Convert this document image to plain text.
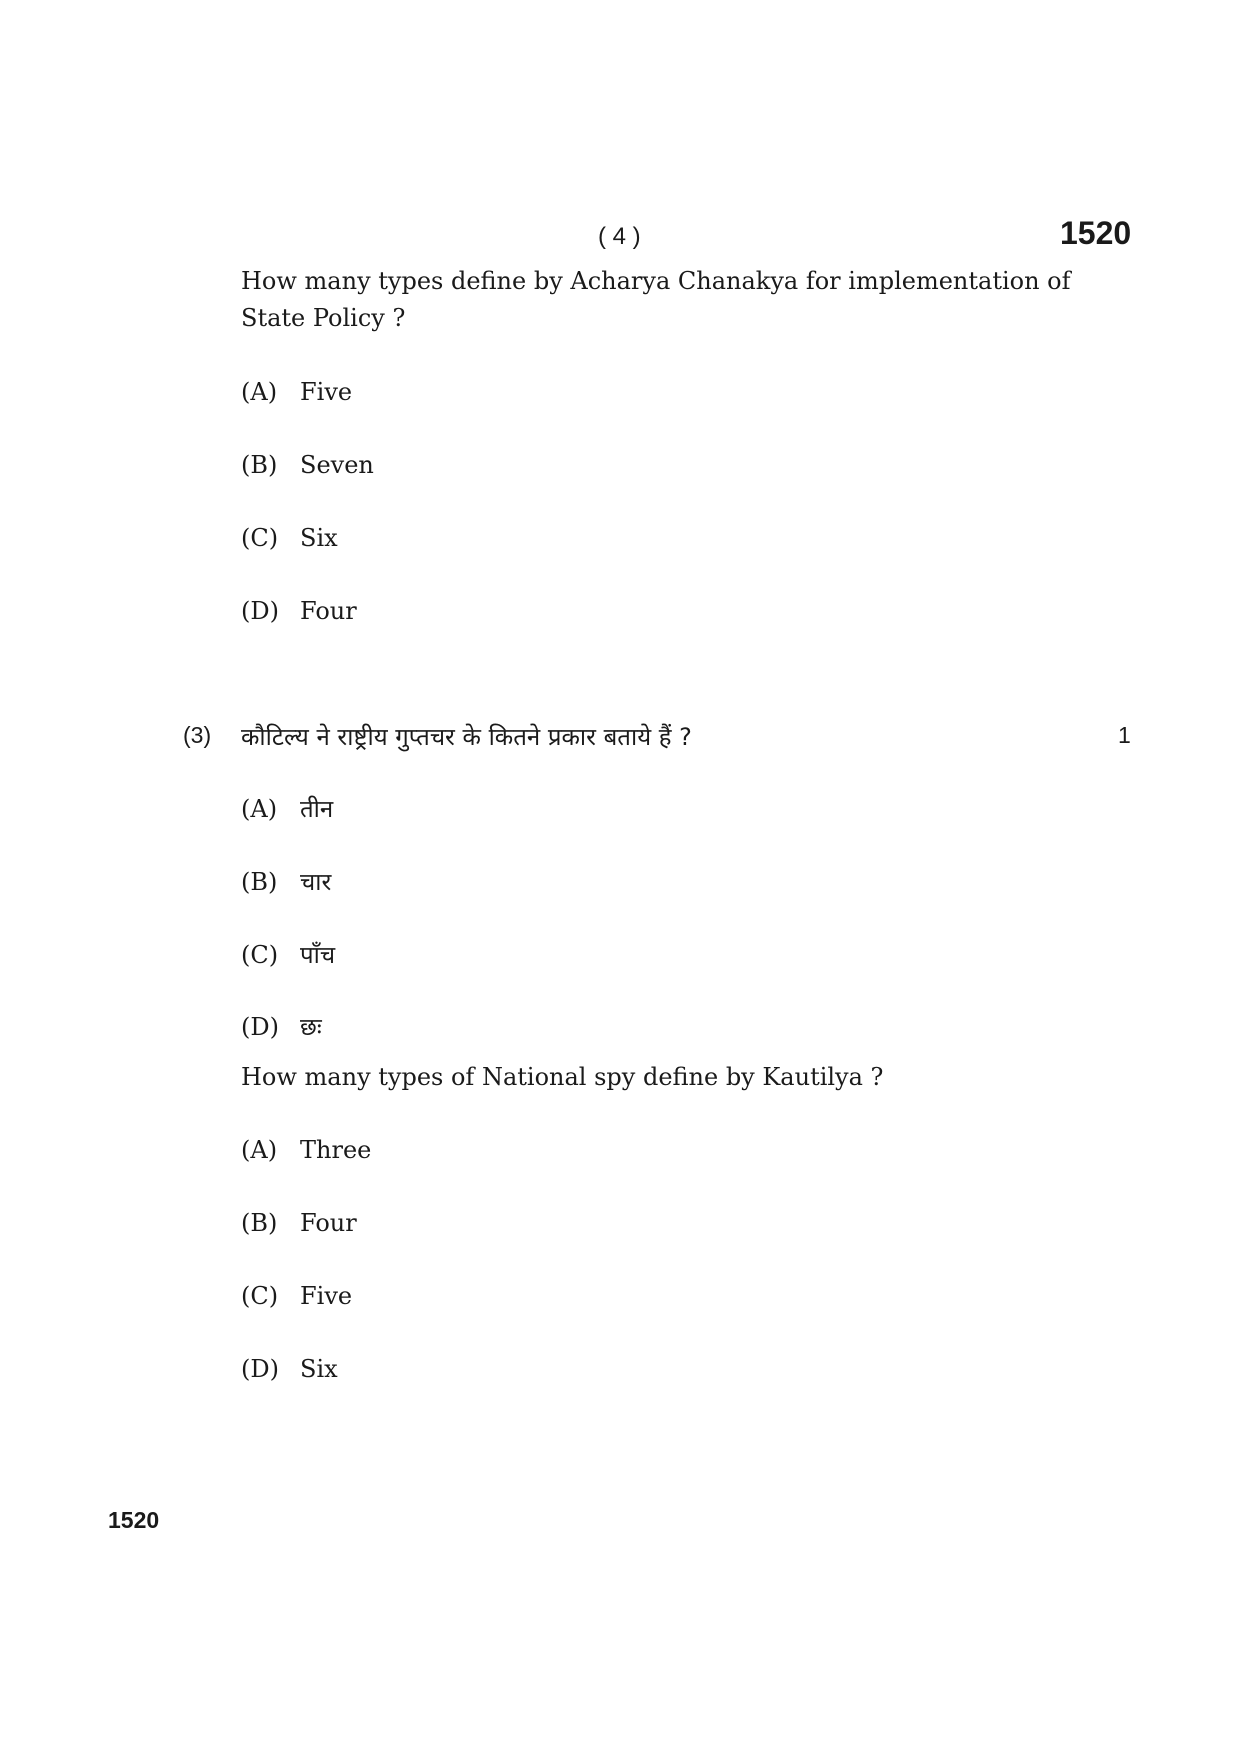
( 4 )	1520
How many types define by Acharya Chanakya for implementation of State Policy ?
(A) Five
(B) Seven
(C) Six
(D) Four
(3) कौटिल्य ने राष्ट्रीय गुप्तचर के कितने प्रकार बताये हैं ?	1
(A) तीन
(B) चार
(C) पाँच
(D) छः
How many types of National spy define by Kautilya ?
(A) Three
(B) Four
(C) Five
(D) Six
1520
